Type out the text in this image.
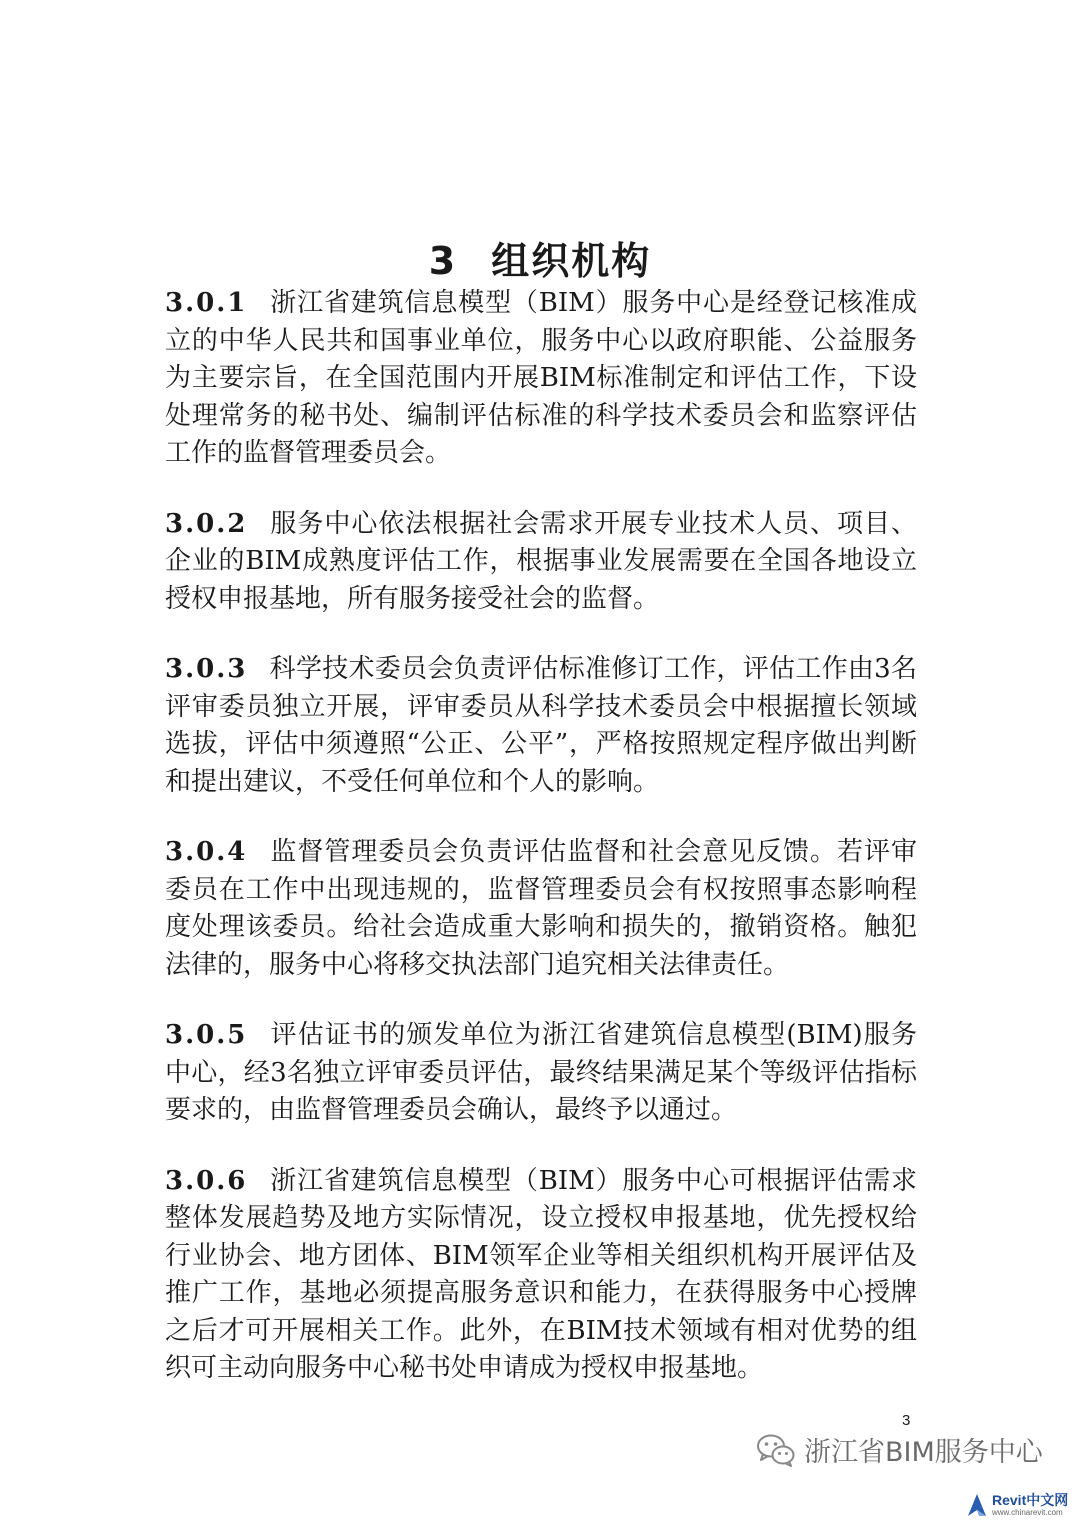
3 组织机构

3.0.1 浙江省建筑信息模型（BIM）服务中心是经登记核准成立的中华人民共和国事业单位，服务中心以政府职能、公益服务为主要宗旨，在全国范围内开展BIM标准制定和评估工作，下设处理常务的秘书处、编制评估标准的科学技术委员会和监察评估工作的监督管理委员会。

3.0.2 服务中心依法根据社会需求开展专业技术人员、项目、企业的BIM成熟度评估工作，根据事业发展需要在全国各地设立授权申报基地，所有服务接受社会的监督。

3.0.3 科学技术委员会负责评估标准修订工作，评估工作由3名评审委员独立开展，评审委员从科学技术委员会中根据擅长领域选拔，评估中须遵照“公正、公平”，严格按照规定程序做出判断和提出建议，不受任何单位和个人的影响。

3.0.4 监督管理委员会负责评估监督和社会意见反馈。若评审委员在工作中出现违规的，监督管理委员会有权按照事态影响程度处理该委员。给社会造成重大影响和损失的，撤销资格。触犯法律的，服务中心将移交执法部门追究相关法律责任。

3.0.5 评估证书的颁发单位为浙江省建筑信息模型(BIM)服务中心，经3名独立评审委员评估，最终结果满足某个等级评估指标要求的，由监督管理委员会确认，最终予以通过。

3.0.6 浙江省建筑信息模型（BIM）服务中心可根据评估需求整体发展趋势及地方实际情况，设立授权申报基地，优先授权给行业协会、地方团体、BIM领军企业等相关组织机构开展评估及推广工作，基地必须提高服务意识和能力，在获得服务中心授牌之后才可开展相关工作。此外，在BIM技术领域有相对优势的组织可主动向服务中心秘书处申请成为授权申报基地。

3
浙江省BIM服务中心
Revit中文网
www.chinarevit.com
